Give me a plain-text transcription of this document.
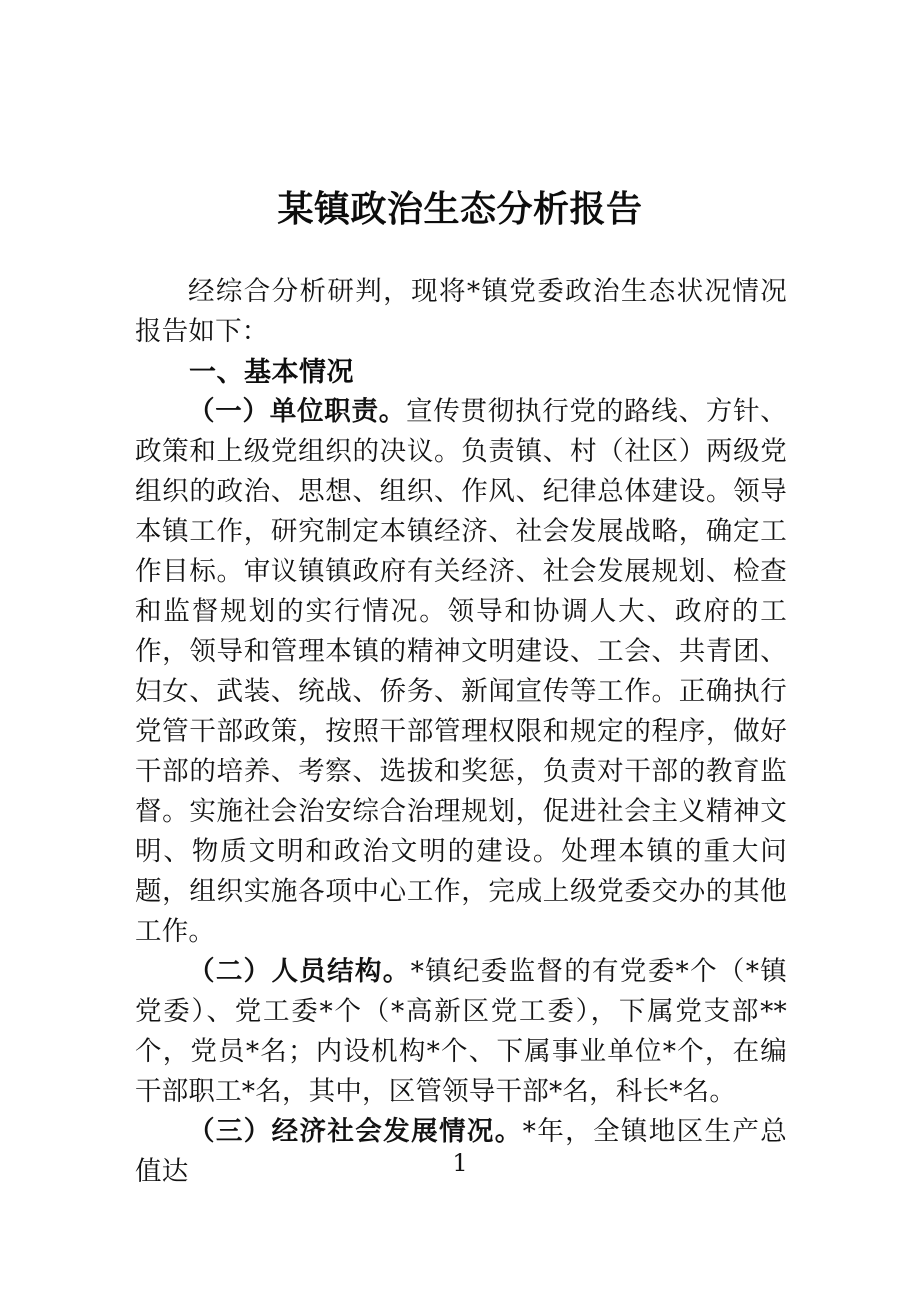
某镇政治生态分析报告

经综合分析研判，现将*镇党委政治生态状况情况报告如下：

一、基本情况

（一）单位职责。宣传贯彻执行党的路线、方针、政策和上级党组织的决议。负责镇、村（社区）两级党组织的政治、思想、组织、作风、纪律总体建设。领导本镇工作，研究制定本镇经济、社会发展战略，确定工作目标。审议镇镇政府有关经济、社会发展规划、检查和监督规划的实行情况。领导和协调人大、政府的工作，领导和管理本镇的精神文明建设、工会、共青团、妇女、武装、统战、侨务、新闻宣传等工作。正确执行党管干部政策，按照干部管理权限和规定的程序，做好干部的培养、考察、选拔和奖惩，负责对干部的教育监督。实施社会治安综合治理规划，促进社会主义精神文明、物质文明和政治文明的建设。处理本镇的重大问题，组织实施各项中心工作，完成上级党委交办的其他工作。

（二）人员结构。*镇纪委监督的有党委*个（*镇党委）、党工委*个（*高新区党工委），下属党支部**个，党员*名；内设机构*个、下属事业单位*个，在编干部职工*名，其中，区管领导干部*名，科长*名。

（三）经济社会发展情况。*年，全镇地区生产总值达	1
